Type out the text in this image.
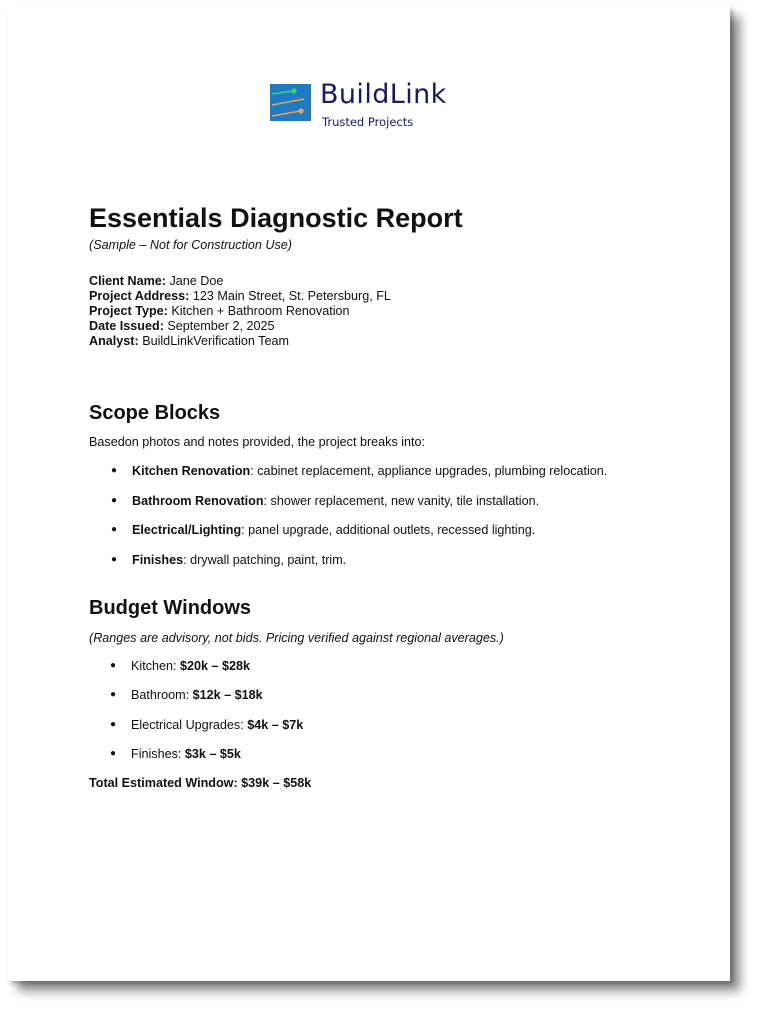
BuildLink
Trusted Projects
Essentials Diagnostic Report
(Sample – Not for Construction Use)
Client Name: Jane Doe
Project Address: 123 Main Street, St. Petersburg, FL
Project Type: Kitchen + Bathroom Renovation
Date Issued: September 2, 2025
Analyst: BuildLinkVerification Team
Scope Blocks
Basedon photos and notes provided, the project breaks into:
● Kitchen Renovation: cabinet replacement, appliance upgrades, plumbing relocation.
● Bathroom Renovation: shower replacement, new vanity, tile installation.
● Electrical/Lighting: panel upgrade, additional outlets, recessed lighting.
● Finishes: drywall patching, paint, trim.
Budget Windows
(Ranges are advisory, not bids. Pricing verified against regional averages.)
● Kitchen: $20k – $28k
● Bathroom: $12k – $18k
● Electrical Upgrades: $4k – $7k
● Finishes: $3k – $5k
Total Estimated Window: $39k – $58k
